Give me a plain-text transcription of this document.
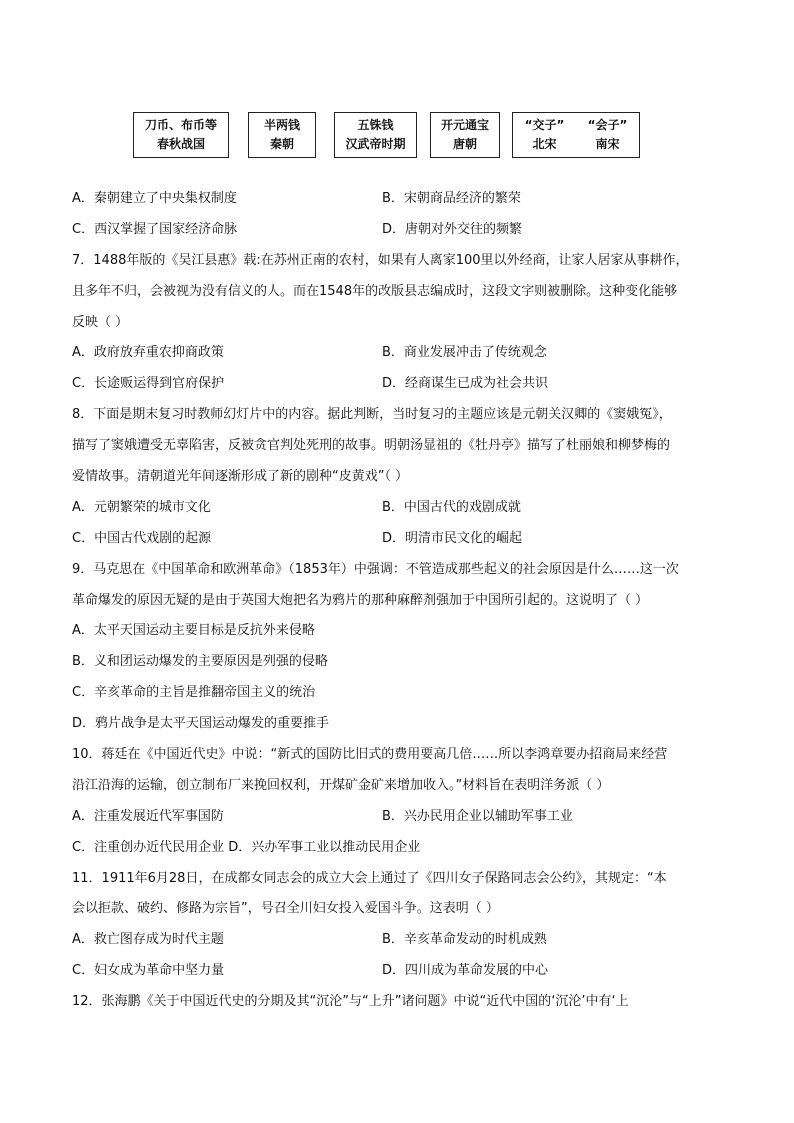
刀币、布币等
春秋战国
半两钱
秦朝
五铢钱
汉武帝时期
开元通宝
唐朝
“交子” “会子”
北宋	南宋
A．秦朝建立了中央集权制度	B．宋朝商品经济的繁荣
C．西汉掌握了国家经济命脉	D．唐朝对外交往的频繁
7．1488年版的《吴江县惠》载:在苏州正南的农村，如果有人离家100里以外经商，让家人居家从事耕作，
且多年不归，会被视为没有信义的人。而在1548年的改版县志编成时，这段文字则被删除。这种变化能够
反映（ ）
A．政府放弃重农抑商政策	B．商业发展冲击了传统观念
C．长途贩运得到官府保护	D．经商谋生已成为社会共识
8．下面是期末复习时教师幻灯片中的内容。据此判断，当时复习的主题应该是元朝关汉卿的《窦娥冤》，
描写了窦娥遭受无辜陷害，反被贪官判处死刑的故事。明朝汤显祖的《牡丹亭》描写了杜丽娘和柳梦梅的
爱情故事。清朝道光年间逐渐形成了新的剧种“皮黄戏”（ ）
A．元朝繁荣的城市文化	B．中国古代的戏剧成就
C．中国古代戏剧的起源	D．明清市民文化的崛起
9．马克思在《中国革命和欧洲革命》（1853年）中强调：不管造成那些起义的社会原因是什么……这一次
革命爆发的原因无疑的是由于英国大炮把名为鸦片的那种麻醉剂强加于中国所引起的。这说明了（ ）
A．太平天国运动主要目标是反抗外来侵略
B．义和团运动爆发的主要原因是列强的侵略
C．辛亥革命的主旨是推翻帝国主义的统治
D．鸦片战争是太平天国运动爆发的重要推手
10．蒋廷在《中国近代史》中说：“新式的国防比旧式的费用要高几倍……所以李鸿章要办招商局来经营
沿江沿海的运输，创立制布厂来挽回权利，开煤矿金矿来增加收入。”材料旨在表明洋务派（ ）
A．注重发展近代军事国防	B．兴办民用企业以辅助军事工业
C．注重创办近代民用企业 D．兴办军事工业以推动民用企业
11．1911年6月28日，在成都女同志会的成立大会上通过了《四川女子保路同志会公约》，其规定：“本
会以拒款、破约、修路为宗旨”，号召全川妇女投入爱国斗争。这表明（ ）
A．救亡图存成为时代主题	B．辛亥革命发动的时机成熟
C．妇女成为革命中坚力量	D．四川成为革命发展的中心
12．张海鹏《关于中国近代史的分期及其“沉沦”与“上升”诸问题》中说“近代中国的‘沉沦’中有‘上
